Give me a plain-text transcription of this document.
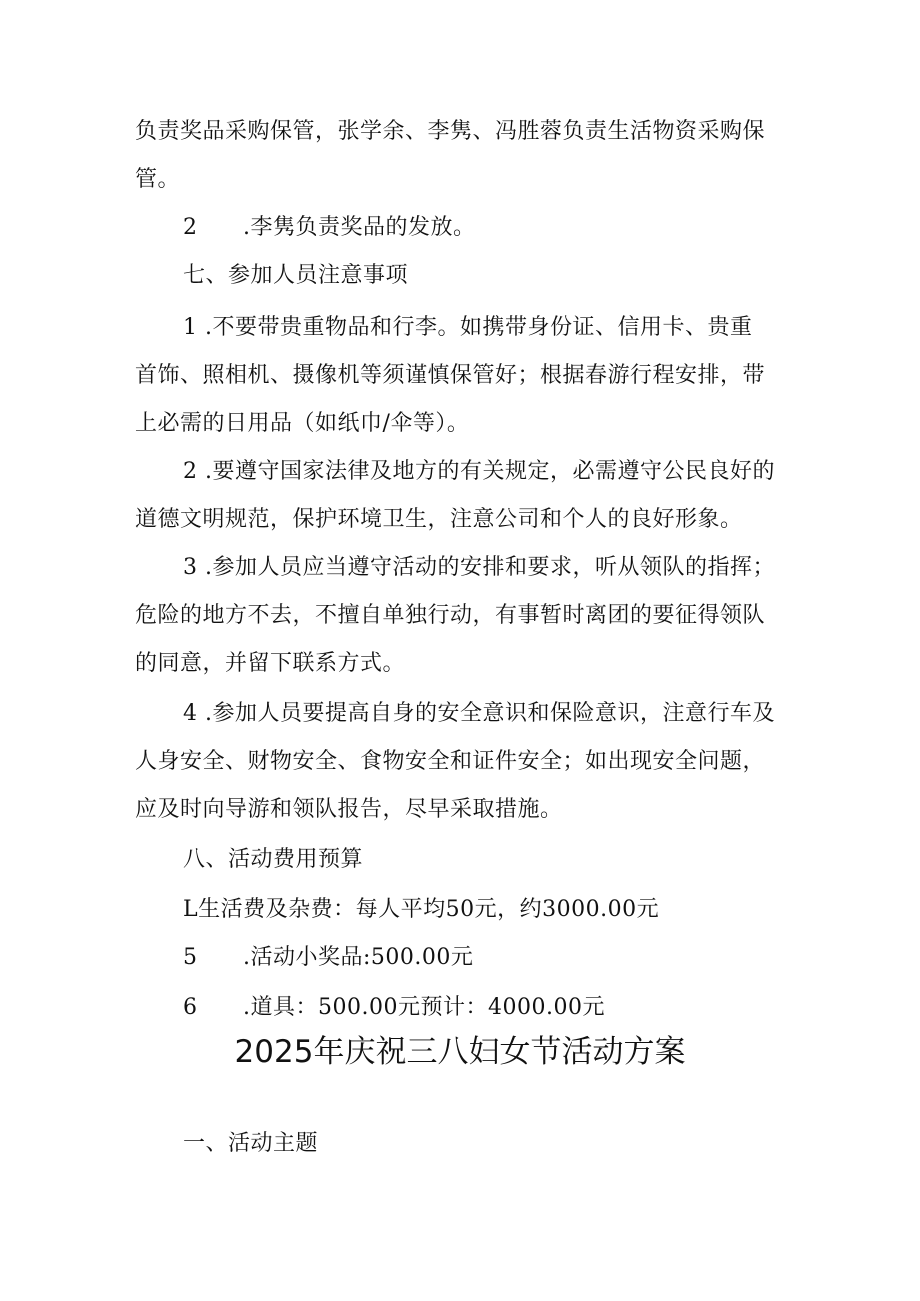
负责奖品采购保管，张学余、李隽、冯胜蓉负责生活物资采购保
管。
2 .李隽负责奖品的发放。
七、参加人员注意事项
1 .不要带贵重物品和行李。如携带身份证、信用卡、贵重
首饰、照相机、摄像机等须谨慎保管好；根据春游行程安排，带
上必需的日用品（如纸巾/伞等）。
2 .要遵守国家法律及地方的有关规定，必需遵守公民良好的
道德文明规范，保护环境卫生，注意公司和个人的良好形象。
3 .参加人员应当遵守活动的安排和要求，听从领队的指挥；
危险的地方不去，不擅自单独行动，有事暂时离团的要征得领队
的同意，并留下联系方式。
4 .参加人员要提高自身的安全意识和保险意识，注意行车及
人身安全、财物安全、食物安全和证件安全；如出现安全问题，
应及时向导游和领队报告，尽早采取措施。
八、活动费用预算
L生活费及杂费：每人平均50元，约3000.00元
5 .活动小奖品:500.00元
6 .道具：500.00元预计：4000.00元
2025年庆祝三八妇女节活动方案
一、活动主题
